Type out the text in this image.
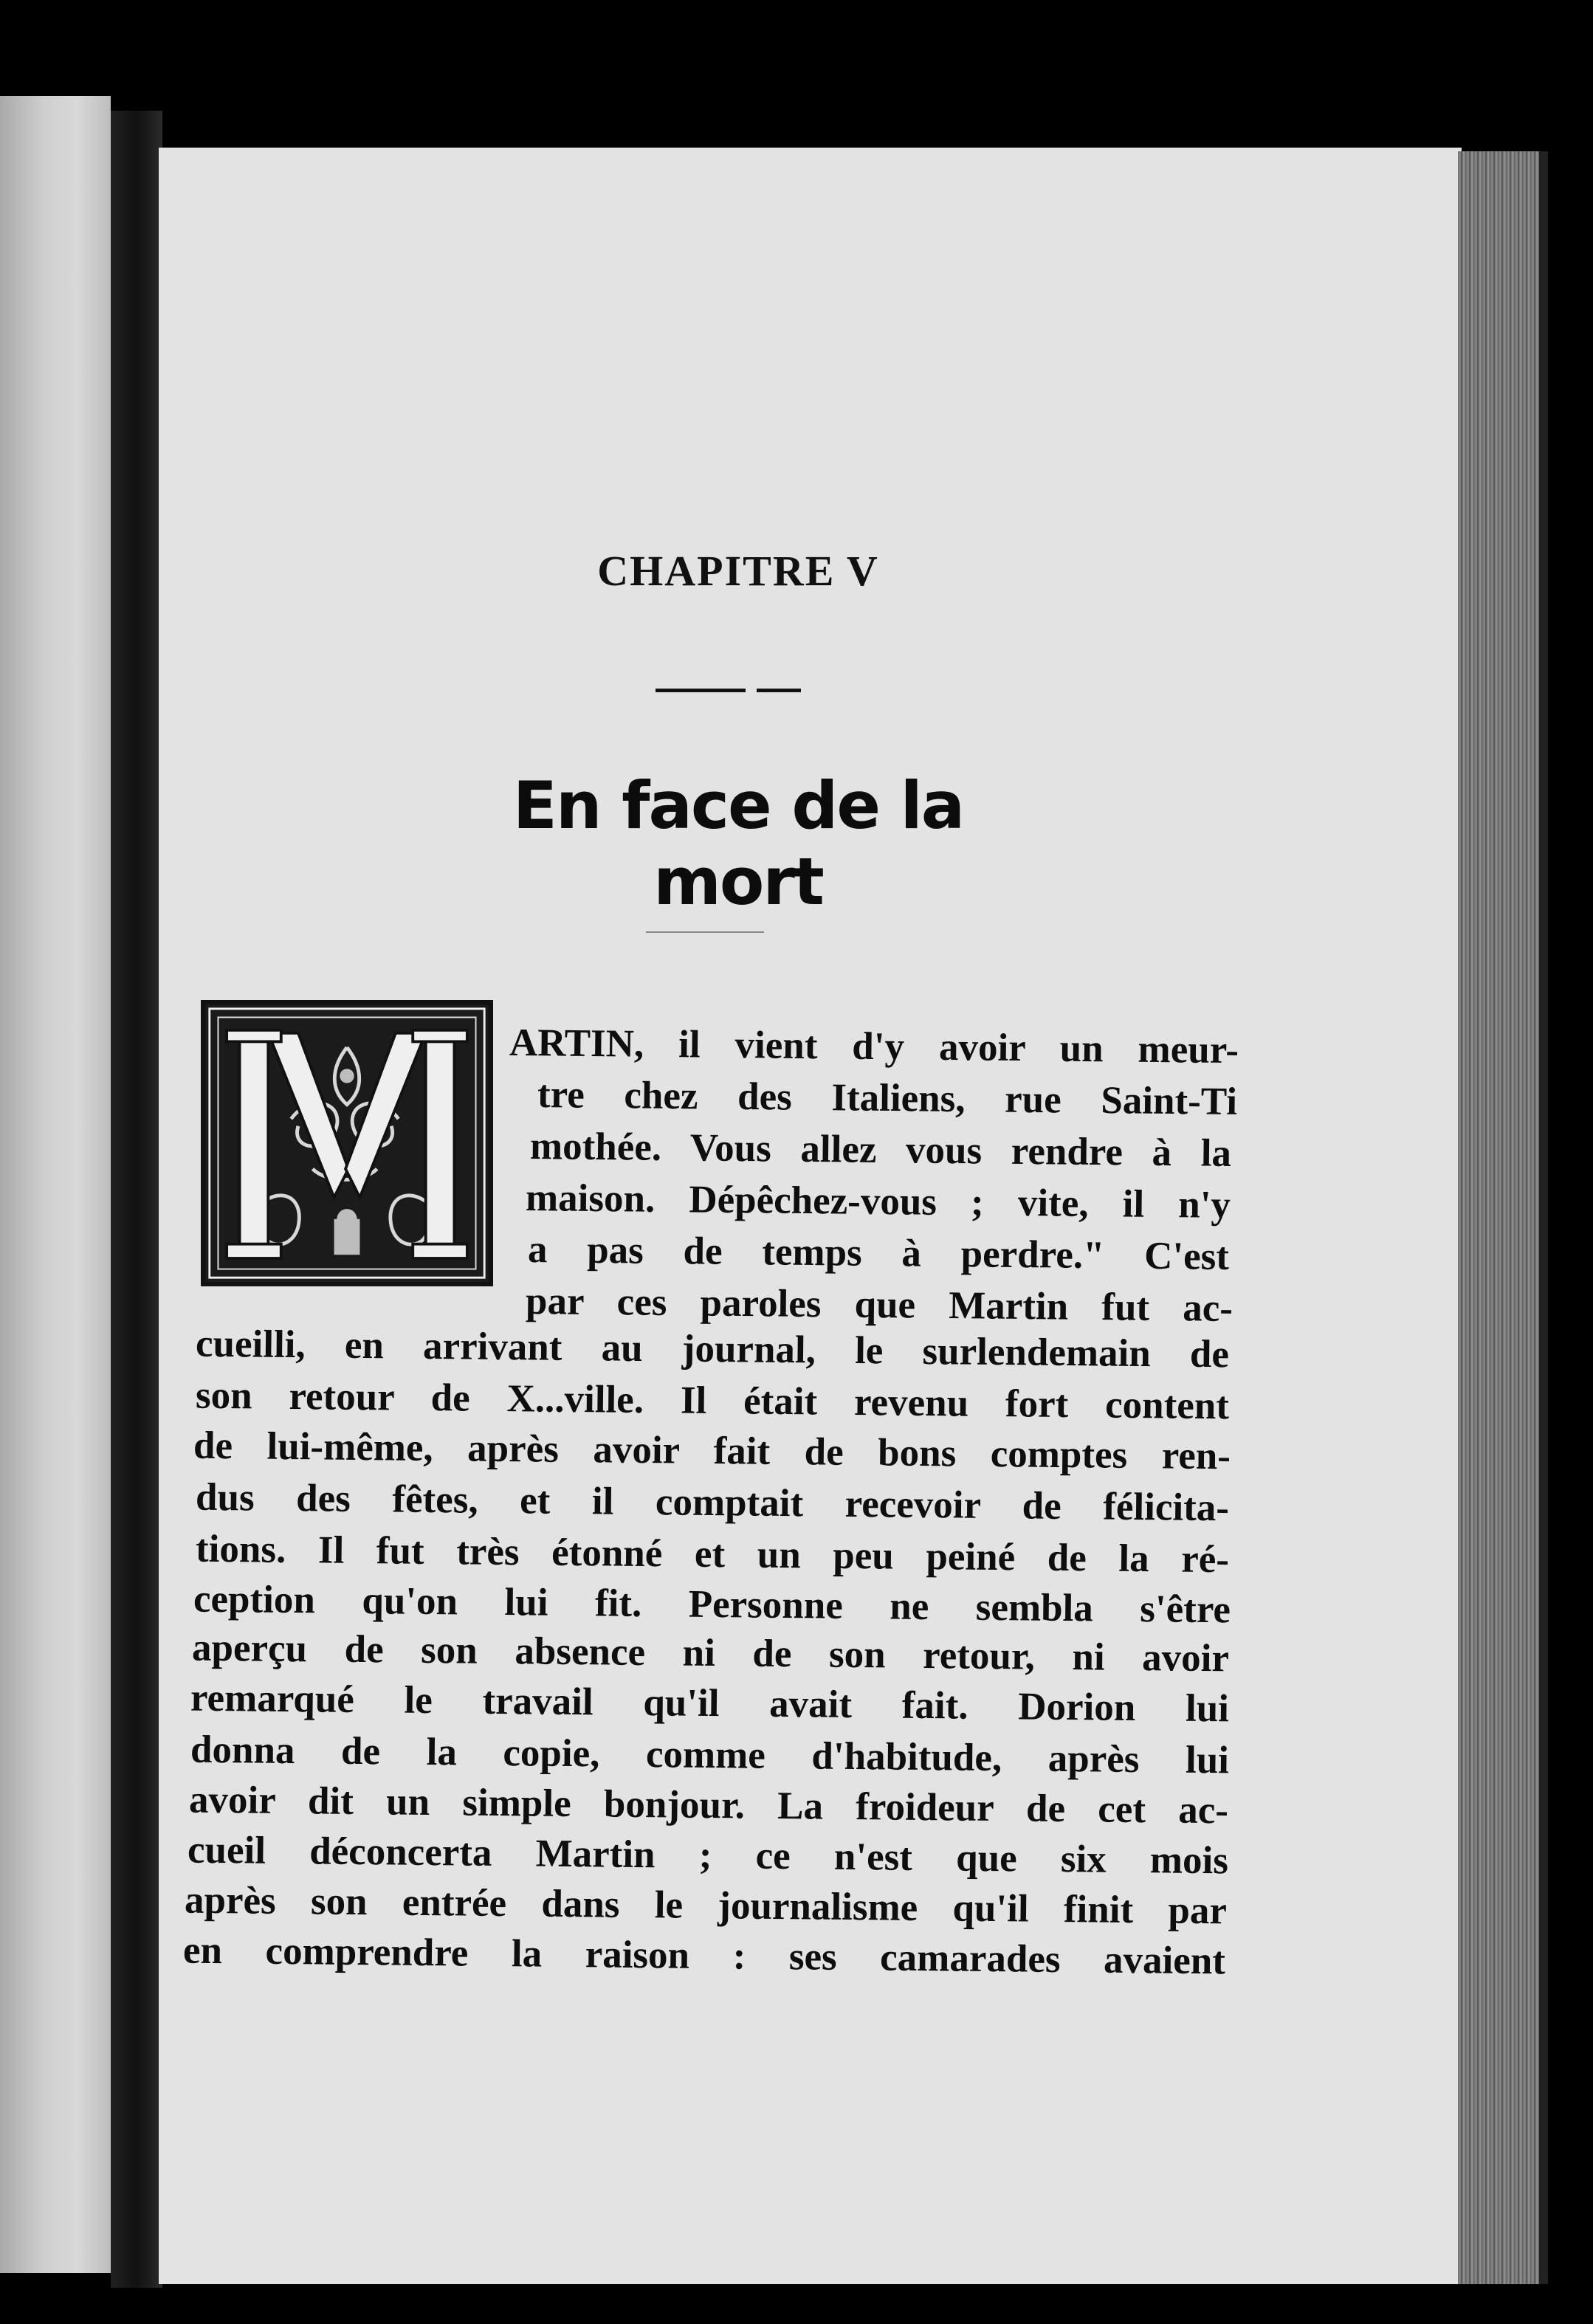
CHAPITRE V
En face de la mort
ARTIN, il vient d'y avoir un meur-
tre chez des Italiens, rue Saint-Ti
mothée. Vous allez vous rendre à la
maison. Dépêchez-vous ; vite, il n'y
a pas de temps à perdre." C'est
par ces paroles que Martin fut ac-
cueilli, en arrivant au journal, le surlendemain de
son retour de X...ville. Il était revenu fort content
de lui-même, après avoir fait de bons comptes ren-
dus des fêtes, et il comptait recevoir de félicita-
tions. Il fut très étonné et un peu peiné de la ré-
ception qu'on lui fit. Personne ne sembla s'être
aperçu de son absence ni de son retour, ni avoir
remarqué le travail qu'il avait fait. Dorion lui
donna de la copie, comme d'habitude, après lui
avoir dit un simple bonjour. La froideur de cet ac-
cueil déconcerta Martin ; ce n'est que six mois
après son entrée dans le journalisme qu'il finit par
en comprendre la raison : ses camarades avaient
